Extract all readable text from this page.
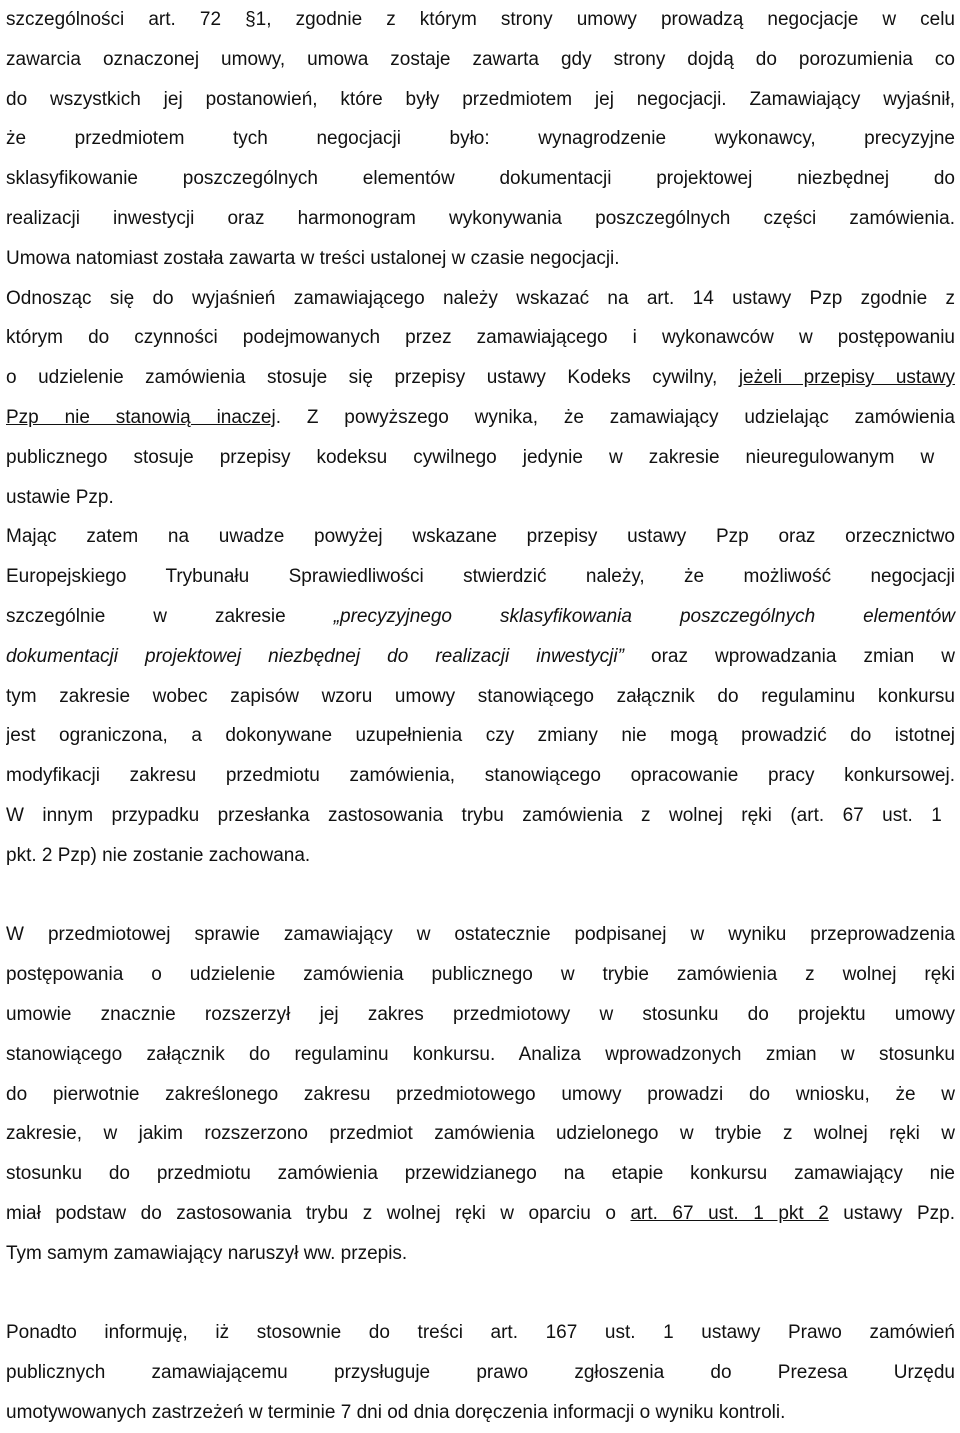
szczególności art. 72 §1, zgodnie z którym strony umowy prowadzą negocjacje w celu
zawarcia oznaczonej umowy, umowa zostaje zawarta gdy strony dojdą do porozumienia co
do wszystkich jej postanowień, które były przedmiotem jej negocjacji. Zamawiający wyjaśnił,
że przedmiotem tych negocjacji było: wynagrodzenie wykonawcy, precyzyjne
sklasyfikowanie poszczególnych elementów dokumentacji projektowej niezbędnej do
realizacji inwestycji oraz harmonogram wykonywania poszczególnych części zamówienia.
Umowa natomiast została zawarta w treści ustalonej w czasie negocjacji.
Odnosząc się do wyjaśnień zamawiającego należy wskazać na art. 14 ustawy Pzp zgodnie z
którym do czynności podejmowanych przez zamawiającego i wykonawców w postępowaniu
o udzielenie zamówienia stosuje się przepisy ustawy Kodeks cywilny, jeżeli przepisy ustawy
Pzp nie stanowią inaczej. Z powyższego wynika, że zamawiający udzielając zamówienia
publicznego stosuje przepisy kodeksu cywilnego jedynie w zakresie nieuregulowanym w
ustawie Pzp.
Mając zatem na uwadze powyżej wskazane przepisy ustawy Pzp oraz orzecznictwo
Europejskiego Trybunału Sprawiedliwości stwierdzić należy, że możliwość negocjacji
szczególnie w zakresie „precyzyjnego sklasyfikowania poszczególnych elementów
dokumentacji projektowej niezbędnej do realizacji inwestycji” oraz wprowadzania zmian w
tym zakresie wobec zapisów wzoru umowy stanowiącego załącznik do regulaminu konkursu
jest ograniczona, a dokonywane uzupełnienia czy zmiany nie mogą prowadzić do istotnej
modyfikacji zakresu przedmiotu zamówienia, stanowiącego opracowanie pracy konkursowej.
W innym przypadku przesłanka zastosowania trybu zamówienia z wolnej ręki (art. 67 ust. 1
pkt. 2 Pzp) nie zostanie zachowana.
W przedmiotowej sprawie zamawiający w ostatecznie podpisanej w wyniku przeprowadzenia
postępowania o udzielenie zamówienia publicznego w trybie zamówienia z wolnej ręki
umowie znacznie rozszerzył jej zakres przedmiotowy w stosunku do projektu umowy
stanowiącego załącznik do regulaminu konkursu. Analiza wprowadzonych zmian w stosunku
do pierwotnie zakreślonego zakresu przedmiotowego umowy prowadzi do wniosku, że w
zakresie, w jakim rozszerzono przedmiot zamówienia udzielonego w trybie z wolnej ręki w
stosunku do przedmiotu zamówienia przewidzianego na etapie konkursu zamawiający nie
miał podstaw do zastosowania trybu z wolnej ręki w oparciu o art. 67 ust. 1 pkt 2 ustawy Pzp.
Tym samym zamawiający naruszył ww. przepis.
Ponadto informuję, iż stosownie do treści art. 167 ust. 1 ustawy Prawo zamówień
publicznych zamawiającemu przysługuje prawo zgłoszenia do Prezesa Urzędu
umotywowanych zastrzeżeń w terminie 7 dni od dnia doręczenia informacji o wyniku kontroli.
